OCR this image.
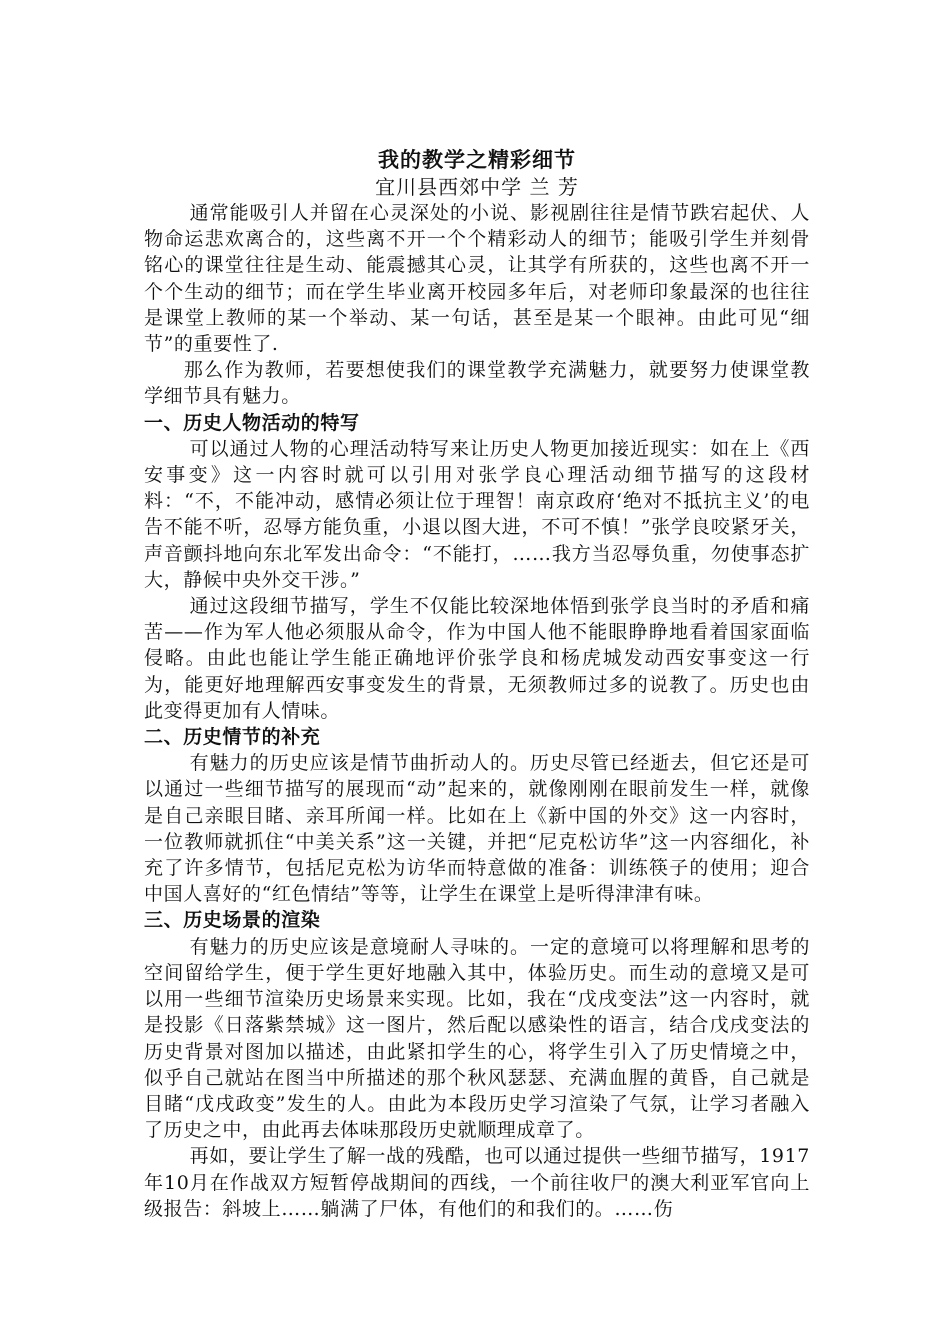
我的教学之精彩细节

宜川县西郊中学 兰 芳

通常能吸引人并留在心灵深处的小说、影视剧往往是情节跌宕起伏、人物命运悲欢离合的，这些离不开一个个精彩动人的细节；能吸引学生并刻骨铭心的课堂往往是生动、能震撼其心灵，让其学有所获的，这些也离不开一个个生动的细节；而在学生毕业离开校园多年后，对老师印象最深的也往往是课堂上教师的某一个举动、某一句话，甚至是某一个眼神。由此可见“细节”的重要性了.

那么作为教师，若要想使我们的课堂教学充满魅力，就要努力使课堂教学细节具有魅力。

一、历史人物活动的特写

可以通过人物的心理活动特写来让历史人物更加接近现实：如在上《西安事变》这一内容时就可以引用对张学良心理活动细节描写的这段材料：“不，不能冲动，感情必须让位于理智！南京政府‘绝对不抵抗主义’的电告不能不听，忍辱方能负重，小退以图大进，不可不慎！”张学良咬紧牙关，声音颤抖地向东北军发出命令：“不能打，……我方当忍辱负重，勿使事态扩大，静候中央外交干涉。”

通过这段细节描写，学生不仅能比较深地体悟到张学良当时的矛盾和痛苦——作为军人他必须服从命令，作为中国人他不能眼睁睁地看着国家面临侵略。由此也能让学生能正确地评价张学良和杨虎城发动西安事变这一行为，能更好地理解西安事变发生的背景，无须教师过多的说教了。历史也由此变得更加有人情味。

二、历史情节的补充

有魅力的历史应该是情节曲折动人的。历史尽管已经逝去，但它还是可以通过一些细节描写的展现而“动”起来的，就像刚刚在眼前发生一样，就像是自己亲眼目睹、亲耳所闻一样。比如在上《新中国的外交》这一内容时，一位教师就抓住“中美关系”这一关键，并把“尼克松访华”这一内容细化，补充了许多情节，包括尼克松为访华而特意做的准备：训练筷子的使用；迎合中国人喜好的“红色情结”等等，让学生在课堂上是听得津津有味。

三、历史场景的渲染

有魅力的历史应该是意境耐人寻味的。一定的意境可以将理解和思考的空间留给学生，便于学生更好地融入其中，体验历史。而生动的意境又是可以用一些细节渲染历史场景来实现。比如，我在“戊戌变法”这一内容时，就是投影《日落紫禁城》这一图片，然后配以感染性的语言，结合戊戌变法的历史背景对图加以描述，由此紧扣学生的心，将学生引入了历史情境之中，似乎自己就站在图当中所描述的那个秋风瑟瑟、充满血腥的黄昏，自己就是目睹“戊戌政变”发生的人。由此为本段历史学习渲染了气氛，让学习者融入了历史之中，由此再去体味那段历史就顺理成章了。

再如，要让学生了解一战的残酷，也可以通过提供一些细节描写，1917年10月在作战双方短暂停战期间的西线，一个前往收尸的澳大利亚军官向上级报告：斜坡上……躺满了尸体，有他们的和我们的。……伤
